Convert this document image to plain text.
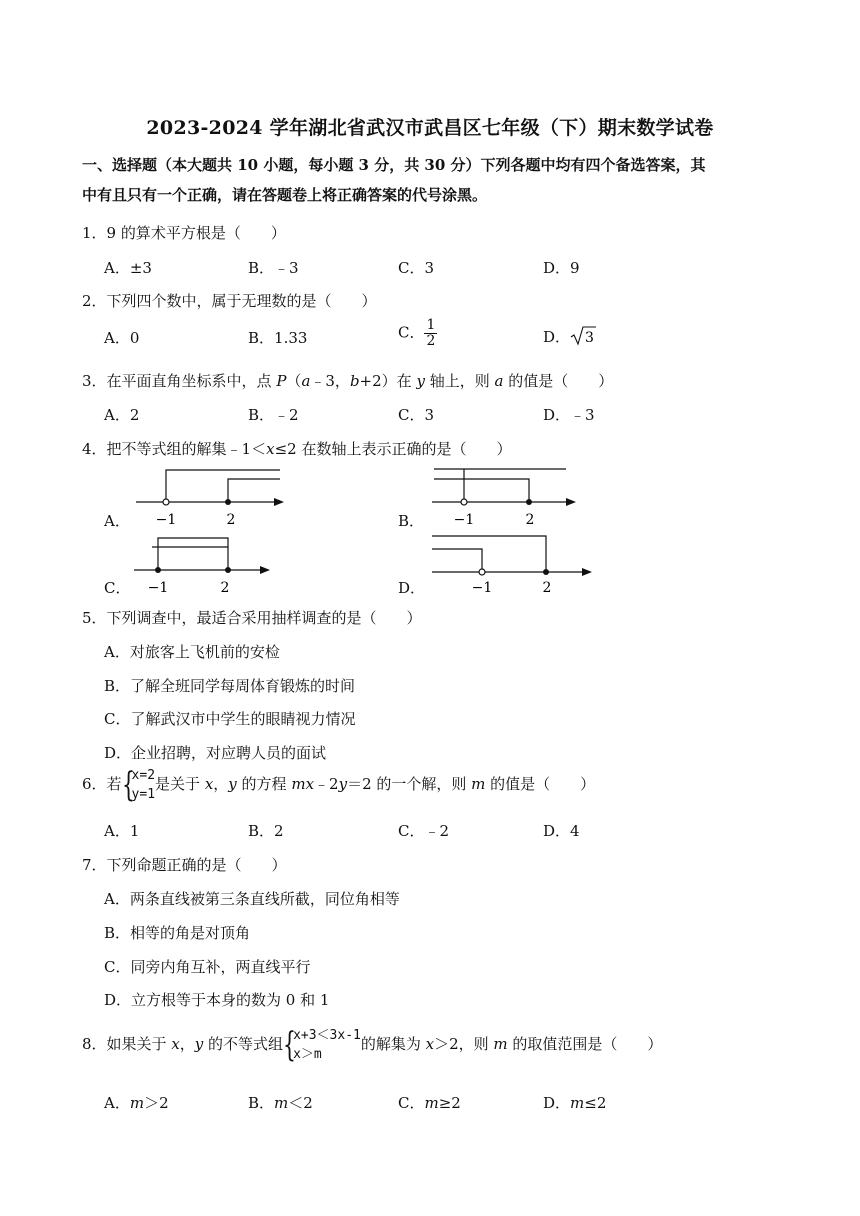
2023-2024 学年湖北省武汉市武昌区七年级（下）期末数学试卷
一、选择题（本大题共 10 小题，每小题 3 分，共 30 分）下列各题中均有四个备选答案，其
中有且只有一个正确，请在答题卷上将正确答案的代号涂黑。
1．9 的算术平方根是（　　）
A．±3	B．﹣3	C．3	D．9
2．下列四个数中，属于无理数的是（　　）
A．0	B．1.33	C． $\frac{1}{2}$	D． 3
3．在平面直角坐标系中，点 P（a﹣3，b+2）在 y 轴上，则 a 的值是（　　）
A．2	B．﹣2	C．3	D．﹣3
4．把不等式组的解集﹣1＜x≤2 在数轴上表示正确的是（　　）
A． −1	2	B． −1	2
C． −1	2	D．	−1	2
5．下列调查中，最适合采用抽样调查的是（　　）
A．对旅客上飞机前的安检
B．了解全班同学每周体育锻炼的时间
C．了解武汉市中学生的眼睛视力情况
D．企业招聘，对应聘人员的面试
6．若 {
x=2
y=1
是关于 x，y 的方程 mx﹣2y＝2 的一个解，则 m 的值是（　　）
A．1	B．2	C．﹣2	D．4
7．下列命题正确的是（　　）
A．两条直线被第三条直线所截，同位角相等
B．相等的角是对顶角
C．同旁内角互补，两直线平行
D．立方根等于本身的数为 0 和 1
8．如果关于 x，y 的不等式组 {
x+3＜3x-1
x＞m
的解集为 x＞2，则 m 的取值范围是（　　）
A．m＞2	B．m＜2	C．m≥2	D．m≤2
